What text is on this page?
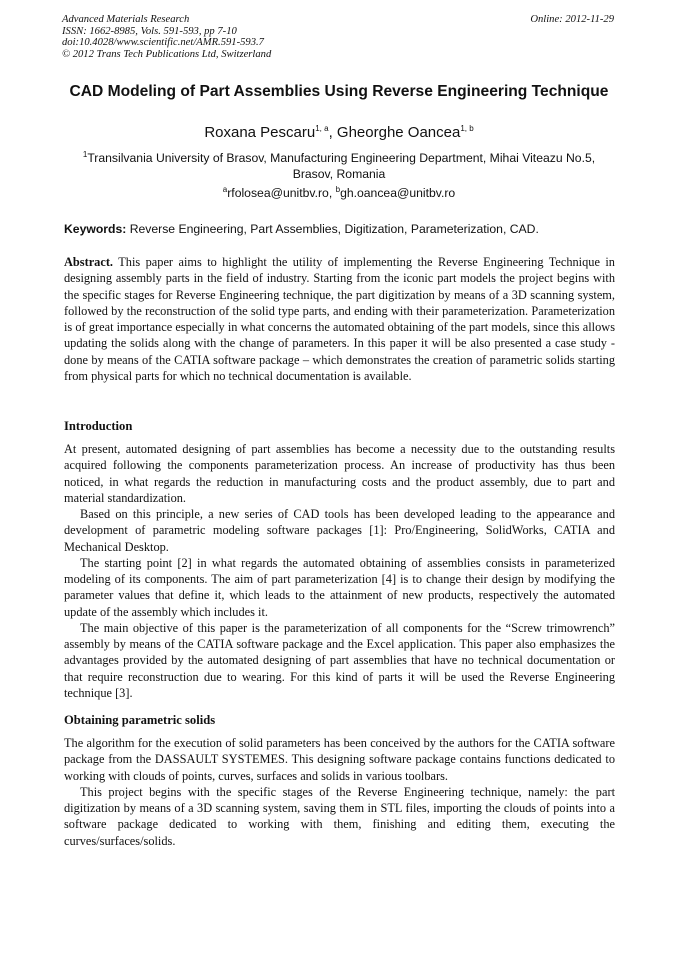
Advanced Materials Research
ISSN: 1662-8985, Vols. 591-593, pp 7-10
doi:10.4028/www.scientific.net/AMR.591-593.7
© 2012 Trans Tech Publications Ltd, Switzerland
Online: 2012-11-29
CAD Modeling of Part Assemblies Using Reverse Engineering Technique
Roxana Pescaru$^{1, a}$, Gheorghe Oancea$^{1, b}$
$^1$Transilvania University of Brasov, Manufacturing Engineering Department, Mihai Viteazu No.5, Brasov, Romania
$^a$rfolosea@unitbv.ro, $^b$gh.oancea@unitbv.ro
Keywords: Reverse Engineering, Part Assemblies, Digitization, Parameterization, CAD.

Abstract. This paper aims to highlight the utility of implementing the Reverse Engineering Technique in designing assembly parts in the field of industry. Starting from the iconic part models the project begins with the specific stages for Reverse Engineering technique, the part digitization by means of a 3D scanning system, followed by the reconstruction of the solid type parts, and ending with their parameterization. Parameterization is of great importance especially in what concerns the automated obtaining of the part models, since this allows updating the solids along with the change of parameters. In this paper it will be also presented a case study - done by means of the CATIA software package – which demonstrates the creation of parametric solids starting from physical parts for which no technical documentation is available.

Introduction

At present, automated designing of part assemblies has become a necessity due to the outstanding results acquired following the components parameterization process. An increase of productivity has thus been noticed, in what regards the reduction in manufacturing costs and the product assembly, due to part and material standardization.

Based on this principle, a new series of CAD tools has been developed leading to the appearance and development of parametric modeling software packages [1]: Pro/Engineering, SolidWorks, CATIA and Mechanical Desktop.

The starting point [2] in what regards the automated obtaining of assemblies consists in parameterized modeling of its components. The aim of part parameterization [4] is to change their design by modifying the parameter values that define it, which leads to the attainment of new products, respectively the automated update of the assembly which includes it.

The main objective of this paper is the parameterization of all components for the “Screw trimowrench” assembly by means of the CATIA software package and the Excel application. This paper also emphasizes the advantages provided by the automated designing of part assemblies that have no technical documentation or that require reconstruction due to wearing. For this kind of parts it will be used the Reverse Engineering technique [3].

Obtaining parametric solids

The algorithm for the execution of solid parameters has been conceived by the authors for the CATIA software package from the DASSAULT SYSTEMES. This designing software package contains functions dedicated to working with clouds of points, curves, surfaces and solids in various toolbars.

This project begins with the specific stages of the Reverse Engineering technique, namely: the part digitization by means of a 3D scanning system, saving them in STL files, importing the clouds of points into a software package dedicated to working with them, finishing and editing them, executing the curves/surfaces/solids.
